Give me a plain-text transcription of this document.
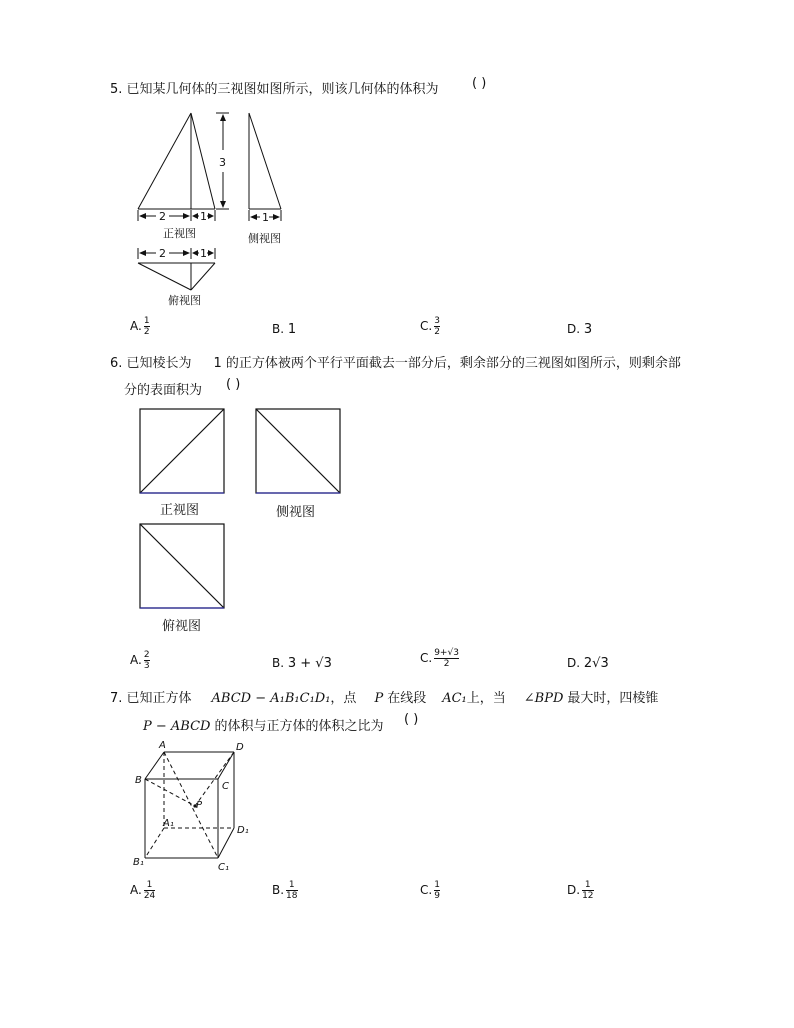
5. 已知某几何体的三视图如图所示，则该几何体的体积为	( )
3
2	1
正视图
1
侧视图
2	1
俯视图
A. $\frac{1}{2}$	B. 1	C. $\frac{3}{2}$	D. 3
6. 已知棱长为 1 的正方体被两个平行平面截去一部分后，剩余部分的三视图如图所示，则剩余部
分的表面积为 ( )
正视图	侧视图
俯视图
A. $\frac{2}{3}$	B. 3 + √3	C. $\frac{9+√3}{2}$	D. 2√3
7. 已知正方体 ABCD − A₁B₁C₁D₁，点 P 在线段 AC₁上，当 ∠BPD 最大时，四棱锥
P − ABCD 的体积与正方体的体积之比为 ( )
A	D
B
C
P
A₁
D₁
B₁	C₁
A. $\frac{1}{24}$	B. $\frac{1}{18}$	C. $\frac{1}{9}$	D. $\frac{1}{12}$
